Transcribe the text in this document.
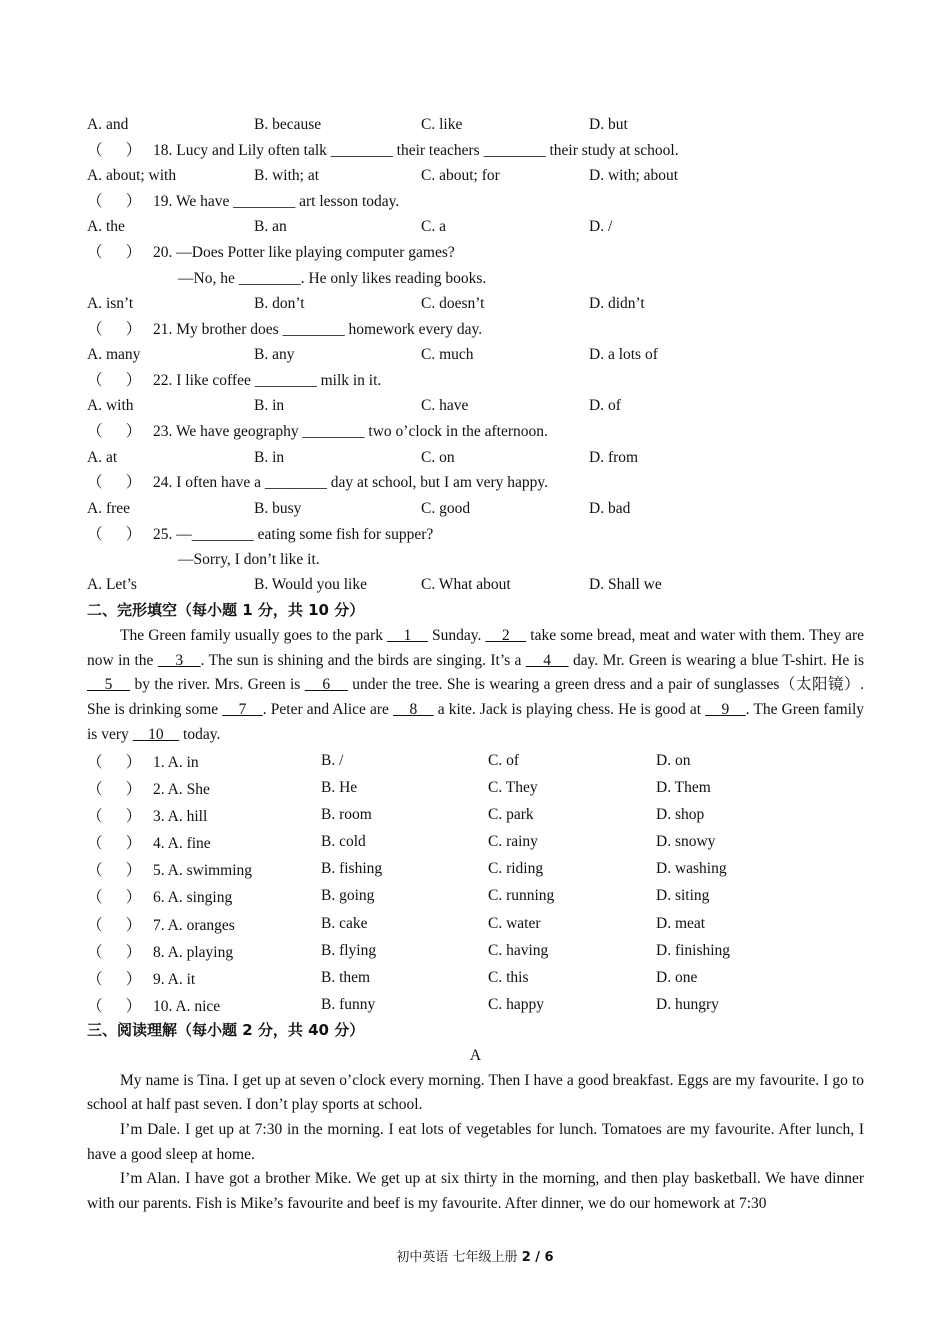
A. and	B. because	C. like	D. but
（      ） 18. Lucy and Lily often talk ________ their teachers ________ their study at school.
A. about; with	B. with; at	C. about; for	D. with; about
（      ） 19. We have ________ art lesson today.
A. the	B. an	C. a	D. /
（      ） 20. —Does Potter like playing computer games?
—No, he ________. He only likes reading books.
A. isn’t	B. don’t	C. doesn’t	D. didn’t
（      ） 21. My brother does ________ homework every day.
A. many	B. any	C. much	D. a lots of
（      ） 22. I like coffee ________ milk in it.
A. with	B. in	C. have	D. of
（      ） 23. We have geography ________ two o’clock in the afternoon.
A. at	B. in	C. on	D. from
（      ） 24. I often have a ________ day at school, but I am very happy.
A. free	B. busy	C. good	D. bad
（      ） 25. —________ eating some fish for supper?
—Sorry, I don’t like it.
A. Let’s	B. Would you like	C. What about	D. Shall we
二、完形填空（每小题 1 分，共 10 分）

The Green family usually goes to the park     1     Sunday.     2     take some bread, meat and water with them. They are now in the     3    . The sun is shining and the birds are singing. It’s a     4     day. Mr. Green is wearing a blue T-shirt. He is     5     by the river. Mrs. Green is     6     under the tree. She is wearing a green dress and a pair of sunglasses（太阳镜）. She is drinking some     7    . Peter and Alice are     8     a kite. Jack is playing chess. He is good at     9    . The Green family is very     10     today.

（      ） 1. A. in	B. /	C. of	D. on
（      ） 2. A. She	B. He	C. They	D. Them
（      ） 3. A. hill	B. room	C. park	D. shop
（      ） 4. A. fine	B. cold	C. rainy	D. snowy
（      ） 5. A. swimming	B. fishing	C. riding	D. washing
（      ） 6. A. singing	B. going	C. running	D. siting
（      ） 7. A. oranges	B. cake	C. water	D. meat
（      ） 8. A. playing	B. flying	C. having	D. finishing
（      ） 9. A. it	B. them	C. this	D. one
（      ） 10. A. nice	B. funny	C. happy	D. hungry
三、阅读理解（每小题 2 分，共 40 分）
A

My name is Tina. I get up at seven o’clock every morning. Then I have a good breakfast. Eggs are my favourite. I go to school at half past seven. I don’t play sports at school.

I’m Dale. I get up at 7:30 in the morning. I eat lots of vegetables for lunch. Tomatoes are my favourite. After lunch, I have a good sleep at home.

I’m Alan. I have got a brother Mike. We get up at six thirty in the morning, and then play basketball. We have dinner with our parents. Fish is Mike’s favourite and beef is my favourite. After dinner, we do our homework at 7:30

初中英语 七年级上册 2 / 6
